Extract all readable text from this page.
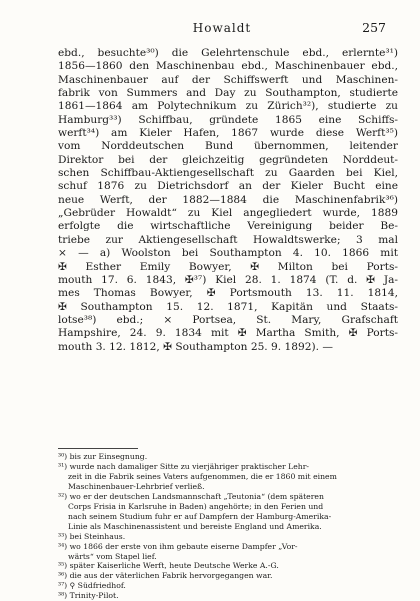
Howaldt	257
ebd., besuchte³⁰) die Gelehrtenschule ebd., erlernte³¹)
1856—1860 den Maschinenbau ebd., Maschinenbauer ebd.,
Maschinenbauer auf der Schiffswerft und Maschinen-
fabrik von Summers and Day zu Southampton, studierte
1861—1864 am Polytechnikum zu Zürich³²), studierte zu
Hamburg³³) Schiffbau, gründete 1865 eine Schiffs-
werft³⁴) am Kieler Hafen, 1867 wurde diese Werft³⁵)
vom Norddeutschen Bund übernommen, leitender
Direktor bei der gleichzeitig gegründeten Norddeut-
schen Schiffbau-Aktiengesellschaft zu Gaarden bei Kiel,
schuf 1876 zu Dietrichsdorf an der Kieler Bucht eine
neue Werft, der 1882—1884 die Maschinenfabrik³⁶)
„Gebrüder Howaldt“ zu Kiel angegliedert wurde, 1889
erfolgte die wirtschaftliche Vereinigung beider Be-
triebe zur Aktiengesellschaft Howaldtswerke; 3 mal
× — a) Woolston bei Southampton 4. 10. 1866 mit
✠ Esther Emily Bowyer, ✠ Milton bei Ports-
mouth 17. 6. 1843, ✠³⁷) Kiel 28. 1. 1874 (T. d. ✠ Ja-
mes Thomas Bowyer, ✠ Portsmouth 13. 11. 1814,
✠ Southampton 15. 12. 1871, Kapitän und Staats-
lotse³⁸) ebd.; × Portsea, St. Mary, Grafschaft
Hampshire, 24. 9. 1834 mit ✠ Martha Smith, ✠ Ports-
mouth 3. 12. 1812, ✠ Southampton 25. 9. 1892). —
³⁰) bis zur Einsegnung.
³¹) wurde nach damaliger Sitte zu vierjähriger praktischer Lehr-
zeit in die Fabrik seines Vaters aufgenommen, die er 1860 mit einem
Maschinenbauer-Lehrbrief verließ.
³²) wo er der deutschen Landsmannschaft „Teutonia“ (dem späteren
Corps Frisia in Karlsruhe in Baden) angehörte; in den Ferien und
nach seinem Studium fuhr er auf Dampfern der Hamburg-Amerika-
Linie als Maschinenassistent und bereiste England und Amerika.
³³) bei Steinhaus.
³⁴) wo 1866 der erste von ihm gebaute eiserne Dampfer „Vor-
wärts“ vom Stapel lief.
³⁵) später Kaiserliche Werft, heute Deutsche Werke A.-G.
³⁶) die aus der väterlichen Fabrik hervorgegangen war.
³⁷) ⚲ Südfriedhof.
³⁸) Trinity-Pilot.
